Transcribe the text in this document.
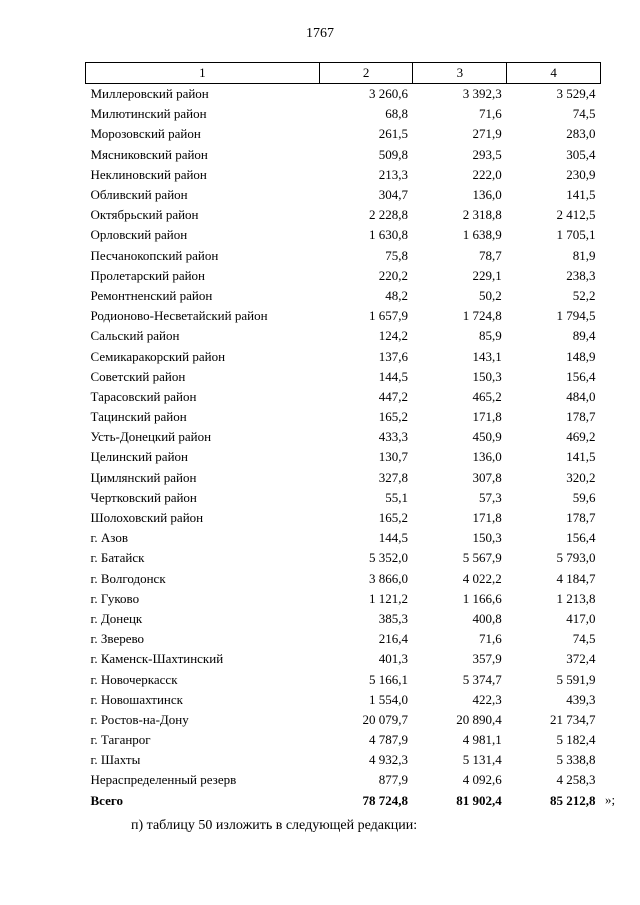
1767
1	2	3	4
Миллеровский район	3 260,6	3 392,3	3 529,4
Милютинский район	68,8	71,6	74,5
Морозовский район	261,5	271,9	283,0
Мясниковский район	509,8	293,5	305,4
Неклиновский район	213,3	222,0	230,9
Обливский район	304,7	136,0	141,5
Октябрьский район	2 228,8	2 318,8	2 412,5
Орловский район	1 630,8	1 638,9	1 705,1
Песчанокопский район	75,8	78,7	81,9
Пролетарский район	220,2	229,1	238,3
Ремонтненский район	48,2	50,2	52,2
Родионово-Несветайский район	1 657,9	1 724,8	1 794,5
Сальский район	124,2	85,9	89,4
Семикаракорский район	137,6	143,1	148,9
Советский район	144,5	150,3	156,4
Тарасовский район	447,2	465,2	484,0
Тацинский район	165,2	171,8	178,7
Усть-Донецкий район	433,3	450,9	469,2
Целинский район	130,7	136,0	141,5
Цимлянский район	327,8	307,8	320,2
Чертковский район	55,1	57,3	59,6
Шолоховский район	165,2	171,8	178,7
г. Азов	144,5	150,3	156,4
г. Батайск	5 352,0	5 567,9	5 793,0
г. Волгодонск	3 866,0	4 022,2	4 184,7
г. Гуково	1 121,2	1 166,6	1 213,8
г. Донецк	385,3	400,8	417,0
г. Зверево	216,4	71,6	74,5
г. Каменск-Шахтинский	401,3	357,9	372,4
г. Новочеркасск	5 166,1	5 374,7	5 591,9
г. Новошахтинск	1 554,0	422,3	439,3
г. Ростов-на-Дону	20 079,7	20 890,4	21 734,7
г. Таганрог	4 787,9	4 981,1	5 182,4
г. Шахты	4 932,3	5 131,4	5 338,8
Нераспределенный резерв	877,9	4 092,6	4 258,3
Всего	78 724,8	81 902,4	85 212,8 »;
п) таблицу 50 изложить в следующей редакции:
